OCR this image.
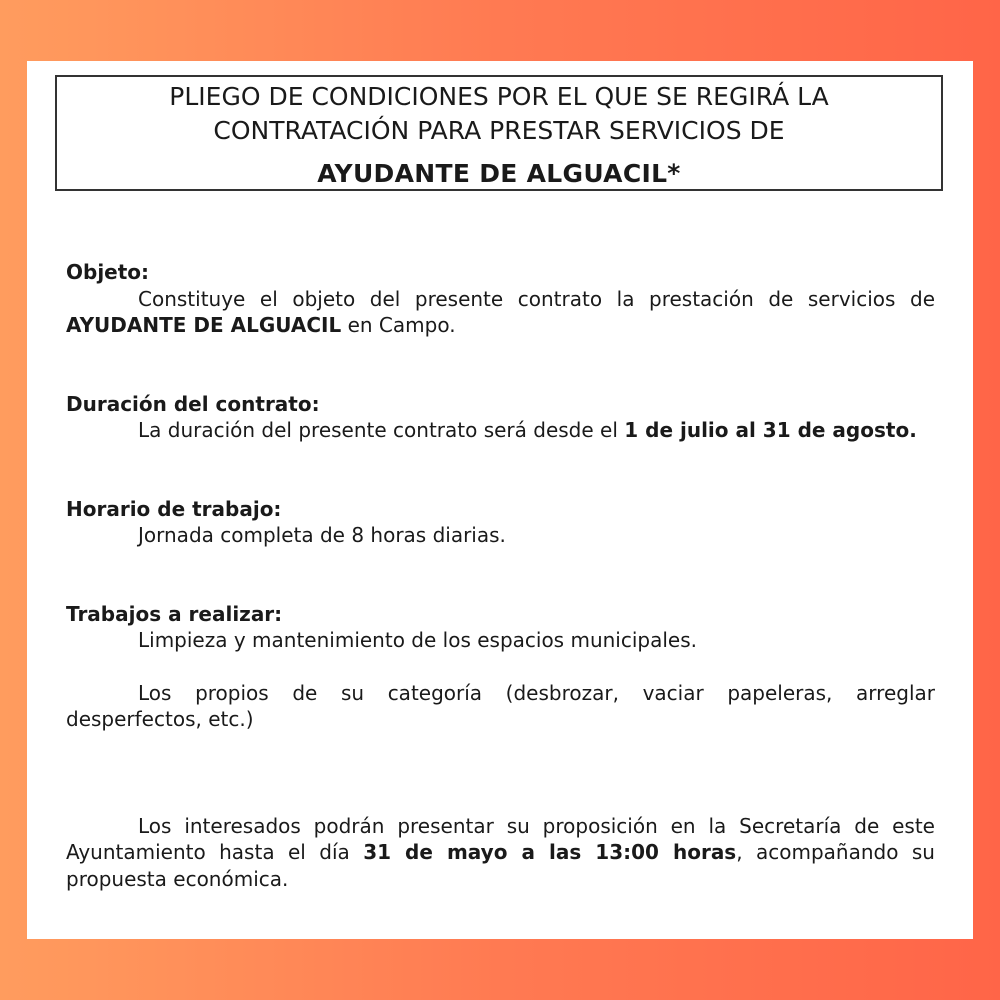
PLIEGO DE CONDICIONES POR EL QUE SE REGIRÁ LA
CONTRATACIÓN PARA PRESTAR SERVICIOS DE
AYUDANTE DE ALGUACIL*
Objeto:
Constituye el objeto del presente contrato la prestación de servicios de AYUDANTE DE ALGUACIL en Campo.
Duración del contrato:
La duración del presente contrato será desde el 1 de julio al 31 de agosto.
Horario de trabajo:
Jornada completa de 8 horas diarias.
Trabajos a realizar:
Limpieza y mantenimiento de los espacios municipales.
Los propios de su categoría (desbrozar, vaciar papeleras, arreglar desperfectos, etc.)
Los interesados podrán presentar su proposición en la Secretaría de este Ayuntamiento hasta el día 31 de mayo a las 13:00 horas, acompañando su propuesta económica.
